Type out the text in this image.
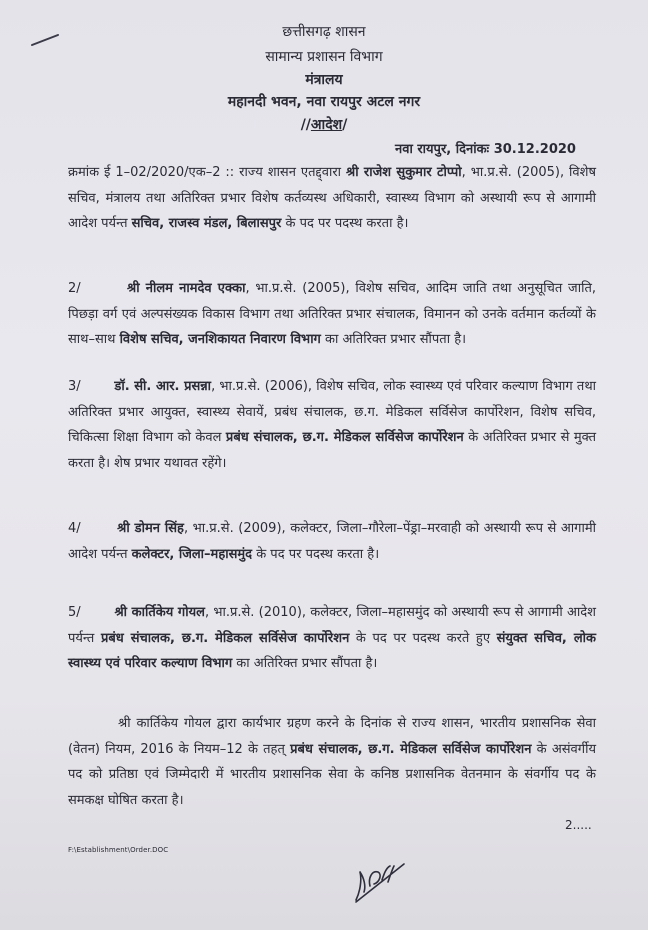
छत्तीसगढ़ शासन
सामान्य प्रशासन विभाग
मंत्रालय
महानदी भवन, नवा रायपुर अटल नगर
//आदेश/
नवा रायपुर, दिनांकः 30.12.2020
क्रमांक ई 1–02/2020/एक–2 :: राज्य शासन एतद्द्वारा श्री राजेश सुकुमार टोप्पो, भा.प्र.से. (2005), विशेष सचिव, मंत्रालय तथा अतिरिक्त प्रभार विशेष कर्तव्यस्थ अधिकारी, स्वास्थ्य विभाग को अस्थायी रूप से आगामी आदेश पर्यन्त सचिव, राजस्व मंडल, बिलासपुर के पद पर पदस्थ करता है।
2/	श्री नीलम नामदेव एक्का, भा.प्र.से. (2005), विशेष सचिव, आदिम जाति तथा अनुसूचित जाति, पिछड़ा वर्ग एवं अल्पसंख्यक विकास विभाग तथा अतिरिक्त प्रभार संचालक, विमानन को उनके वर्तमान कर्तव्यों के साथ–साथ विशेष सचिव, जनशिकायत निवारण विभाग का अतिरिक्त प्रभार सौंपता है।
3/	डॉ. सी. आर. प्रसन्ना, भा.प्र.से. (2006), विशेष सचिव, लोक स्वास्थ्य एवं परिवार कल्याण विभाग तथा अतिरिक्त प्रभार आयुक्त, स्वास्थ्य सेवायें, प्रबंध संचालक, छ.ग. मेडिकल सर्विसेज कार्पोरेशन, विशेष सचिव, चिकित्सा शिक्षा विभाग को केवल प्रबंध संचालक, छ.ग. मेडिकल सर्विसेज कार्पोरेशन के अतिरिक्त प्रभार से मुक्त करता है। शेष प्रभार यथावत रहेंगे।
4/	श्री डोमन सिंह, भा.प्र.से. (2009), कलेक्टर, जिला–गौरेला–पेंड्रा–मरवाही को अस्थायी रूप से आगामी आदेश पर्यन्त कलेक्टर, जिला–महासमुंद के पद पर पदस्थ करता है।
5/	श्री कार्तिकेय गोयल, भा.प्र.से. (2010), कलेक्टर, जिला–महासमुंद को अस्थायी रूप से आगामी आदेश पर्यन्त प्रबंध संचालक, छ.ग. मेडिकल सर्विसेज कार्पोरेशन के पद पर पदस्थ करते हुए संयुक्त सचिव, लोक स्वास्थ्य एवं परिवार कल्याण विभाग का अतिरिक्त प्रभार सौंपता है।
श्री कार्तिकेय गोयल द्वारा कार्यभार ग्रहण करने के दिनांक से राज्य शासन, भारतीय प्रशासनिक सेवा (वेतन) नियम, 2016 के नियम–12 के तहत् प्रबंध संचालक, छ.ग. मेडिकल सर्विसेज कार्पोरेशन के असंवर्गीय पद को प्रतिष्ठा एवं जिम्मेदारी में भारतीय प्रशासनिक सेवा के कनिष्ठ प्रशासनिक वेतनमान के संवर्गीय पद के समकक्ष घोषित करता है।
2.....
F:\Establishment\Order.DOC
